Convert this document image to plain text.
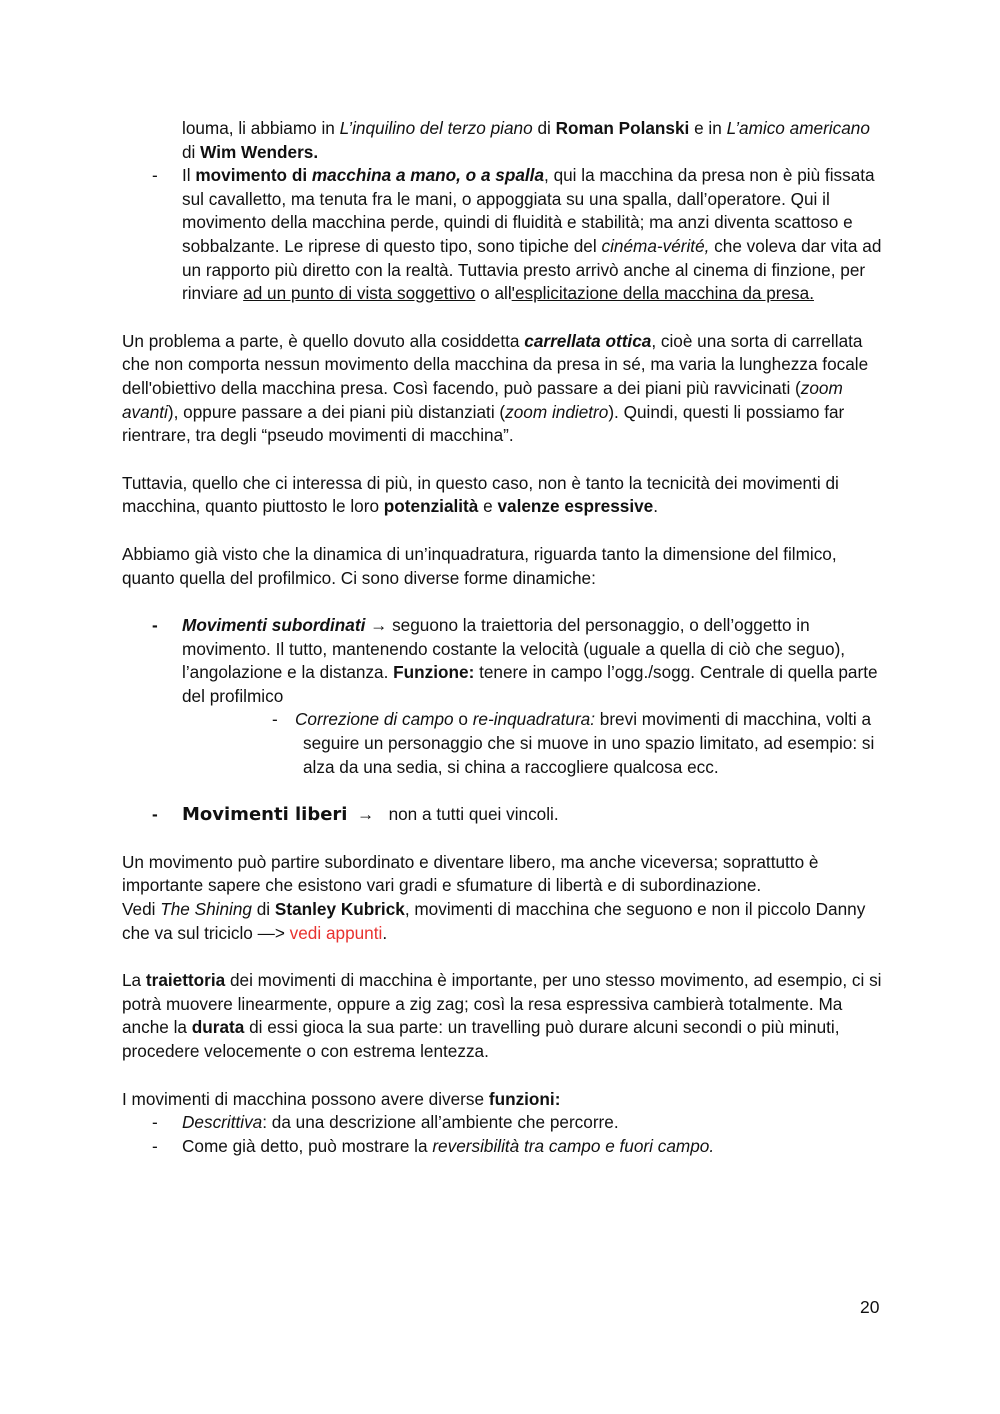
louma, li abbiamo in L’inquilino del terzo piano di Roman Polanski e in L’amico americano di Wim Wenders.

- Il movimento di macchina a mano, o a spalla, qui la macchina da presa non è più fissata sul cavalletto, ma tenuta fra le mani, o appoggiata su una spalla, dall’operatore. Qui il movimento della macchina perde, quindi di fluidità e stabilità; ma anzi diventa scattoso e sobbalzante. Le riprese di questo tipo, sono tipiche del cinéma-vérité, che voleva dar vita ad un rapporto più diretto con la realtà. Tuttavia presto arrivò anche al cinema di finzione, per rinviare ad un punto di vista soggettivo o all'esplicitazione della macchina da presa.

Un problema a parte, è quello dovuto alla cosiddetta carrellata ottica, cioè una sorta di carrellata che non comporta nessun movimento della macchina da presa in sé, ma varia la lunghezza focale dell'obiettivo della macchina presa. Così facendo, può passare a dei piani più ravvicinati (zoom avanti), oppure passare a dei piani più distanziati (zoom indietro). Quindi, questi li possiamo far rientrare, tra degli “pseudo movimenti di macchina”.

Tuttavia, quello che ci interessa di più, in questo caso, non è tanto la tecnicità dei movimenti di macchina, quanto piuttosto le loro potenzialità e valenze espressive.

Abbiamo già visto che la dinamica di un’inquadratura, riguarda tanto la dimensione del filmico, quanto quella del profilmico. Ci sono diverse forme dinamiche:

- Movimenti subordinati → seguono la traiettoria del personaggio, o dell’oggetto in movimento. Il tutto, mantenendo costante la velocità (uguale a quella di ciò che seguo), l’angolazione e la distanza. Funzione: tenere in campo l’ogg./sogg. Centrale di quella parte del profilmico
- Correzione di campo o re-inquadratura: brevi movimenti di macchina, volti a seguire un personaggio che si muove in uno spazio limitato, ad esempio: si alza da una sedia, si china a raccogliere qualcosa ecc.
- Movimenti liberi → non a tutti quei vincoli.

Un movimento può partire subordinato e diventare libero, ma anche viceversa; soprattutto è importante sapere che esistono vari gradi e sfumature di libertà e di subordinazione.
Vedi The Shining di Stanley Kubrick, movimenti di macchina che seguono e non il piccolo Danny che va sul triciclo —> vedi appunti.

La traiettoria dei movimenti di macchina è importante, per uno stesso movimento, ad esempio, ci si potrà muovere linearmente, oppure a zig zag; così la resa espressiva cambierà totalmente. Ma anche la durata di essi gioca la sua parte: un travelling può durare alcuni secondi o più minuti, procedere velocemente o con estrema lentezza.

I movimenti di macchina possono avere diverse funzioni:

- Descrittiva: da una descrizione all’ambiente che percorre.
- Come già detto, può mostrare la reversibilità tra campo e fuori campo.
20
